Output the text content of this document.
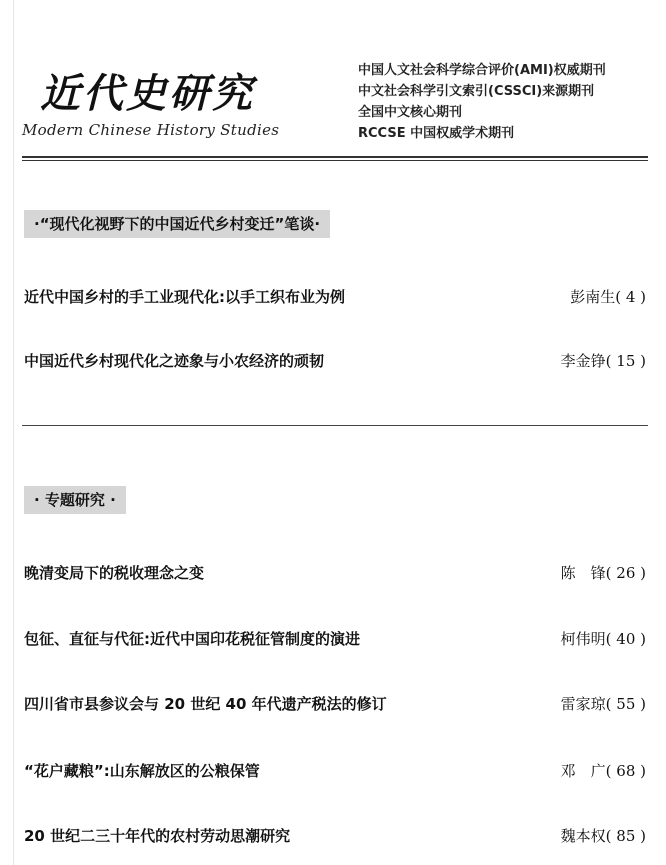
近代史研究
Modern Chinese History Studies
中国人文社会科学综合评价(AMI)权威期刊
中文社会科学引文索引(CSSCI)来源期刊
全国中文核心期刊
RCCSE 中国权威学术期刊
·“现代化视野下的中国近代乡村变迁”笔谈·
近代中国乡村的手工业现代化:以手工织布业为例	彭南生( 4 )
中国近代乡村现代化之迹象与小农经济的顽韧	李金铮( 15 )
· 专题研究 ·
晚清变局下的税收理念之变	陈　锋( 26 )
包征、直征与代征:近代中国印花税征管制度的演进	柯伟明( 40 )
四川省市县参议会与 20 世纪 40 年代遗产税法的修订	雷家琼( 55 )
“花户藏粮”:山东解放区的公粮保管	邓　广( 68 )
20 世纪二三十年代的农村劳动思潮研究	魏本权( 85 )
